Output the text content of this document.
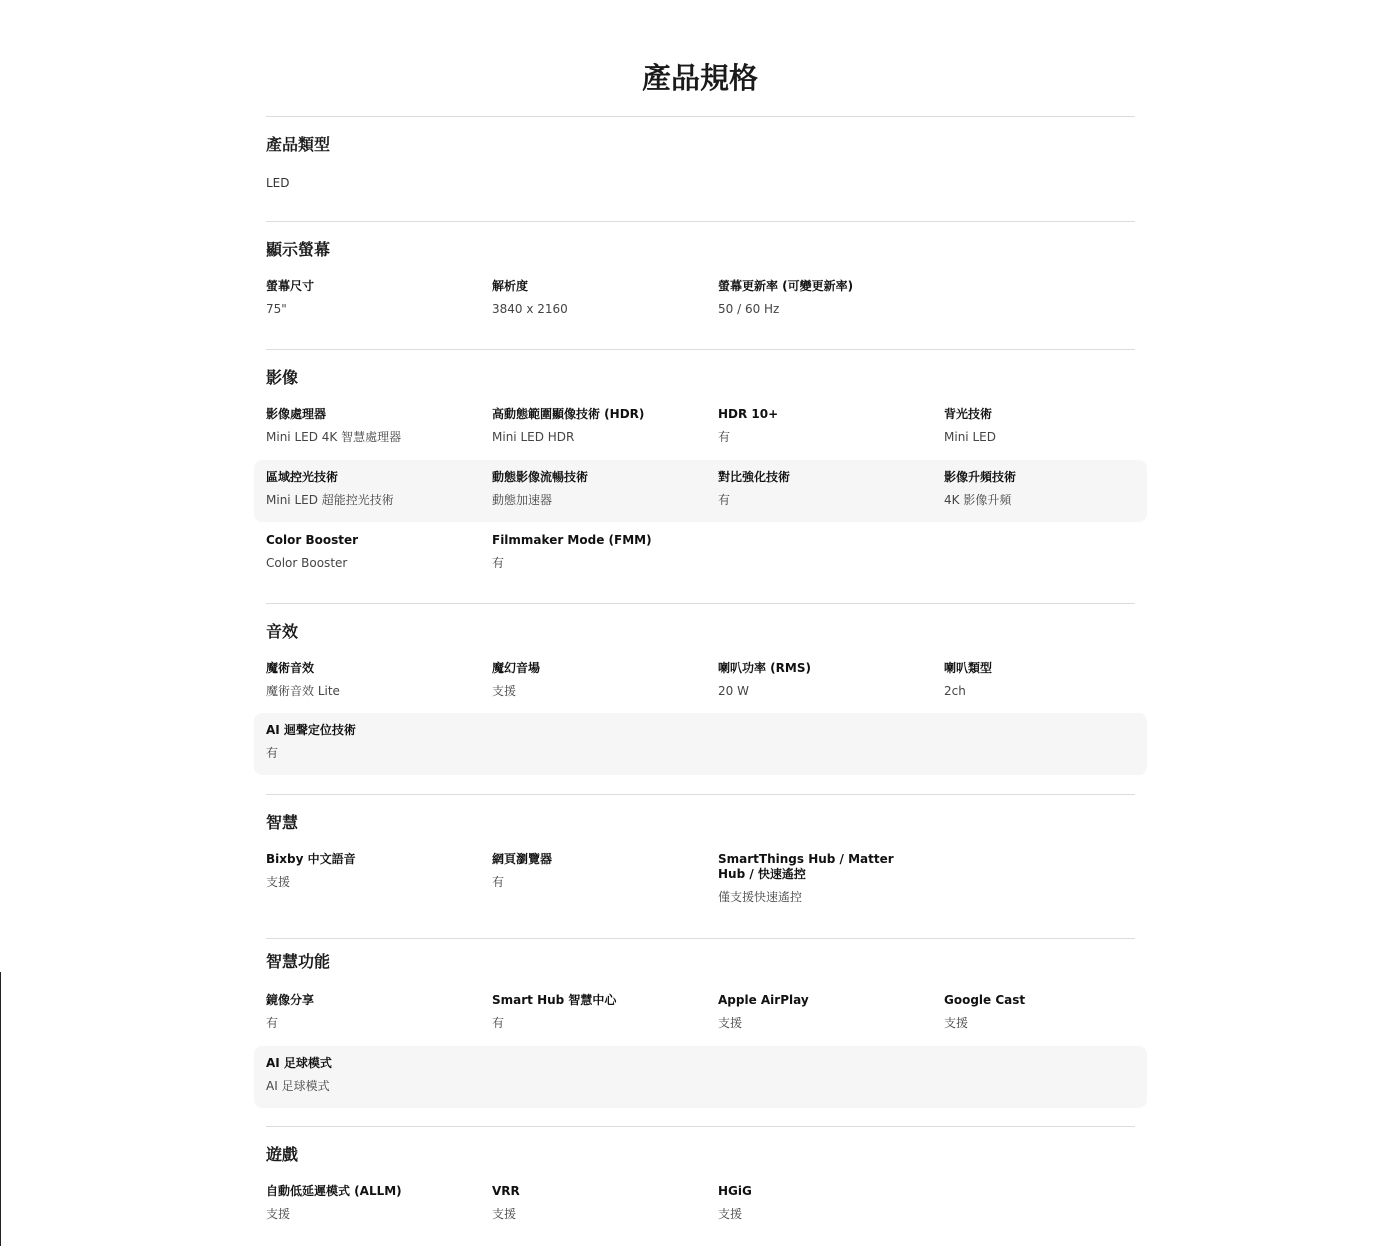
產品規格
產品類型
LED
顯示螢幕
螢幕尺寸
75"
解析度
3840 x 2160
螢幕更新率 (可變更新率)
50 / 60 Hz
影像
影像處理器
Mini LED 4K 智慧處理器
高動態範圍顯像技術 (HDR)
Mini LED HDR
HDR 10+
有
背光技術
Mini LED
區域控光技術
Mini LED 超能控光技術
動態影像流暢技術
動態加速器
對比強化技術
有
影像升頻技術
4K 影像升頻
Color Booster
Color Booster
Filmmaker Mode (FMM)
有
音效
魔術音效
魔術音效 Lite
魔幻音場
支援
喇叭功率 (RMS)
20 W
喇叭類型
2ch
AI 迴聲定位技術
有
智慧
Bixby 中文語音
支援
網頁瀏覽器
有
SmartThings Hub / Matter Hub / 快速遙控
僅支援快速遙控
智慧功能
鏡像分享
有
Smart Hub 智慧中心
有
Apple AirPlay
支援
Google Cast
支援
AI 足球模式
AI 足球模式
遊戲
自動低延遲模式 (ALLM)
支援
VRR
支援
HGiG
支援
